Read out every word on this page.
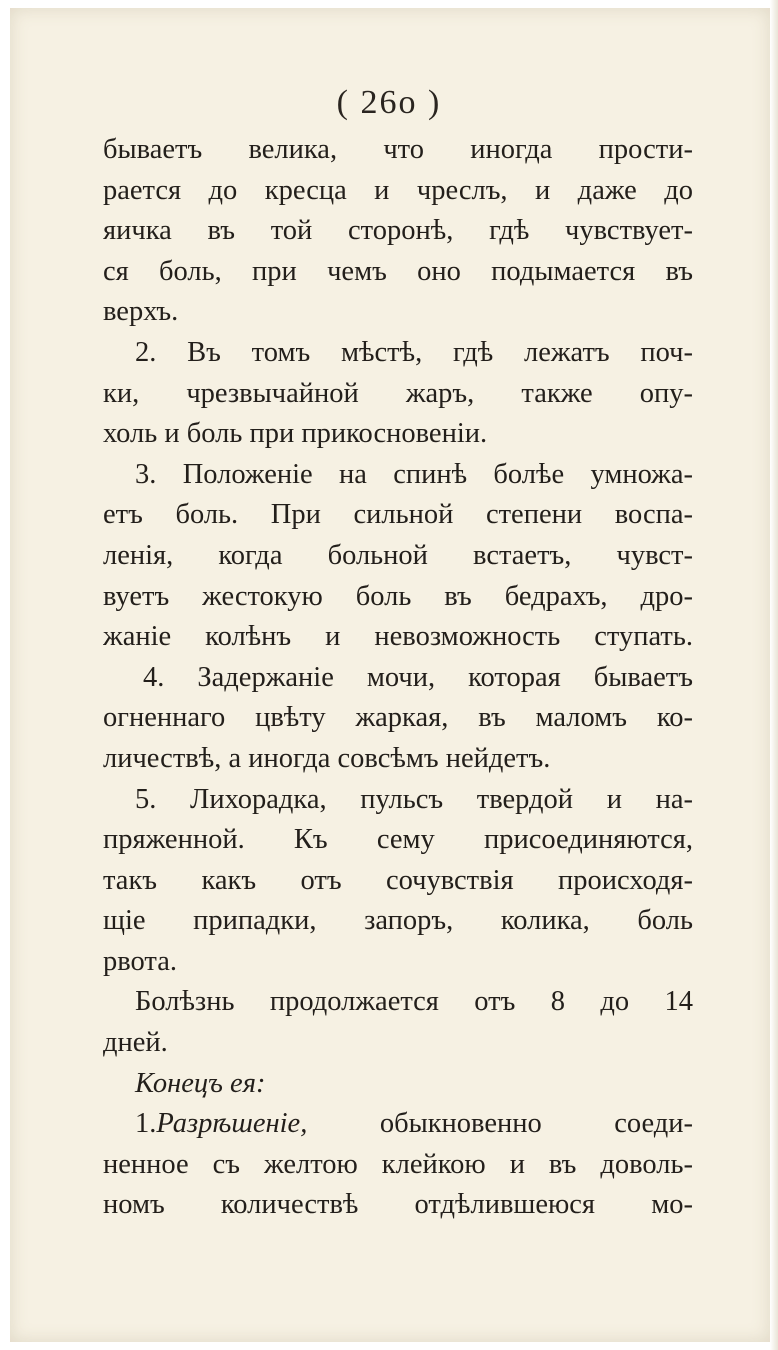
( 26o )
бываетъ велика, что иногда прости-
рается до кресца и чреслъ, и даже до
яичка въ той сторонѣ, гдѣ чувствует-
ся боль, при чемъ оно подымается въ
верхъ.
2. Въ томъ мѣстѣ, гдѣ лежатъ поч-
ки, чрезвычайной жаръ, также опу-
холь и боль при прикосновенiи.
3. Положенiе на спинѣ болѣе умножа-
етъ боль. При сильной степени воспа-
ленiя, когда больной встаетъ, чувст-
вуетъ жестокую боль въ бедрахъ, дро-
жанiе колѣнъ и невозможность ступать.
4. Задержанiе мочи, которая бываетъ
огненнаго цвѣту жаркая, въ маломъ ко-
личествѣ, а иногда совсѣмъ нейдетъ.
5. Лихорадка, пульсъ твердой и на-
пряженной. Къ сему присоединяются,
такъ какъ отъ сочувствiя происходя-
щiе припадки, запоръ, колика, боль
рвота.
Болѣзнь продолжается отъ 8 до 14
дней.
Конецъ ея:
1.Разрѣшенiе,	обыкновенно соеди-
ненное съ желтою клейкою и въ доволь-
номъ количествѣ отдѣлившеюся мо-
